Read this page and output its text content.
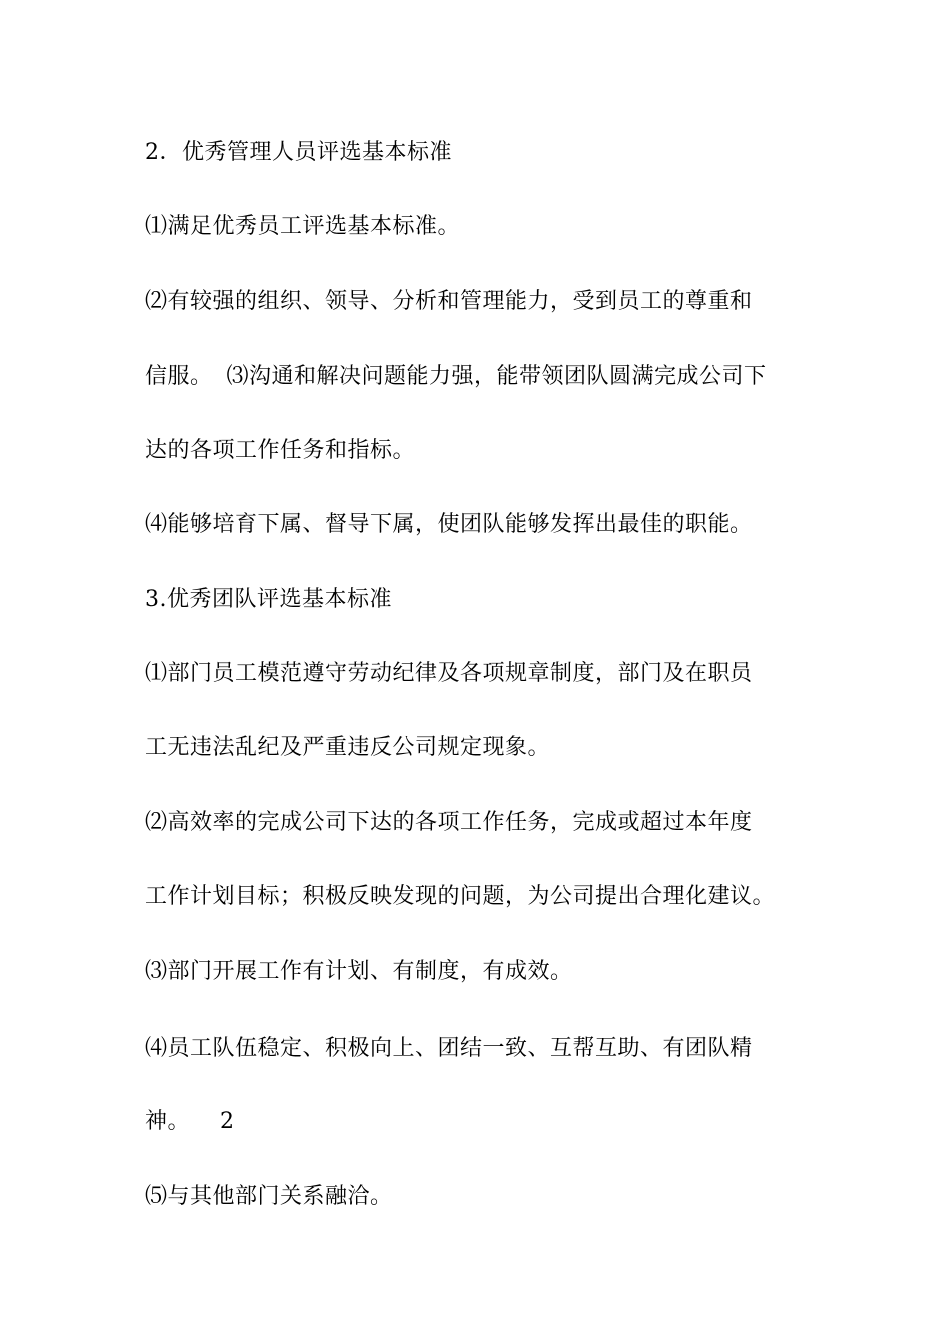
2．优秀管理人员评选基本标准
⑴满足优秀员工评选基本标准。
⑵有较强的组织、领导、分析和管理能力，受到员工的尊重和
信服。 ⑶沟通和解决问题能力强，能带领团队圆满完成公司下
达的各项工作任务和指标。
⑷能够培育下属、督导下属，使团队能够发挥出最佳的职能。
3.优秀团队评选基本标准
⑴部门员工模范遵守劳动纪律及各项规章制度，部门及在职员
工无违法乱纪及严重违反公司规定现象。
⑵高效率的完成公司下达的各项工作任务，完成或超过本年度
工作计划目标；积极反映发现的问题，为公司提出合理化建议。
⑶部门开展工作有计划、有制度，有成效。
⑷员工队伍稳定、积极向上、团结一致、互帮互助、有团队精
神。 2
⑸与其他部门关系融洽。
